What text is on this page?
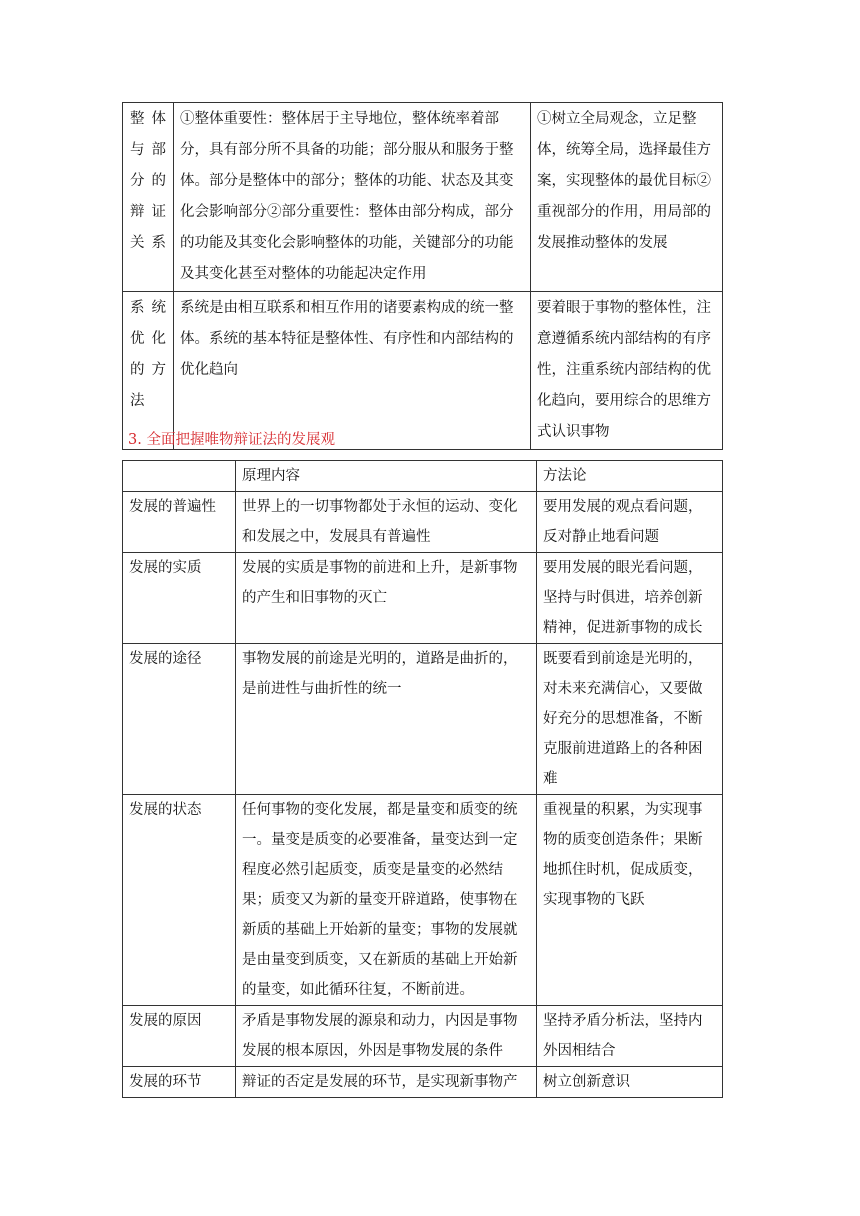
整体与部分的辩证关系	①整体重要性：整体居于主导地位，整体统率着部分，具有部分所不具备的功能；部分服从和服务于整体。部分是整体中的部分；整体的功能、状态及其变化会影响部分②部分重要性：整体由部分构成，部分的功能及其变化会影响整体的功能，关键部分的功能及其变化甚至对整体的功能起决定作用	①树立全局观念，立足整体，统筹全局，选择最佳方案，实现整体的最优目标②重视部分的作用，用局部的发展推动整体的发展
系统优化的方法	系统是由相互联系和相互作用的诸要素构成的统一整体。系统的基本特征是整体性、有序性和内部结构的优化趋向	要着眼于事物的整体性，注意遵循系统内部结构的有序性，注重系统内部结构的优化趋向，要用综合的思维方式认识事物

3. 全面把握唯物辩证法的发展观

	原理内容	方法论
发展的普遍性	世界上的一切事物都处于永恒的运动、变化和发展之中，发展具有普遍性	要用发展的观点看问题，反对静止地看问题
发展的实质	发展的实质是事物的前进和上升，是新事物的产生和旧事物的灭亡	要用发展的眼光看问题，坚持与时俱进，培养创新精神，促进新事物的成长
发展的途径	事物发展的前途是光明的，道路是曲折的，是前进性与曲折性的统一	既要看到前途是光明的，对未来充满信心，又要做好充分的思想准备，不断克服前进道路上的各种困难
发展的状态	任何事物的变化发展，都是量变和质变的统一。量变是质变的必要准备，量变达到一定程度必然引起质变，质变是量变的必然结果；质变又为新的量变开辟道路，使事物在新质的基础上开始新的量变；事物的发展就是由量变到质变，又在新质的基础上开始新的量变，如此循环往复，不断前进。	重视量的积累，为实现事物的质变创造条件；果断地抓住时机，促成质变，实现事物的飞跃
发展的原因	矛盾是事物发展的源泉和动力，内因是事物发展的根本原因，外因是事物发展的条件	坚持矛盾分析法，坚持内外因相结合
发展的环节	辩证的否定是发展的环节，是实现新事物产	树立创新意识
